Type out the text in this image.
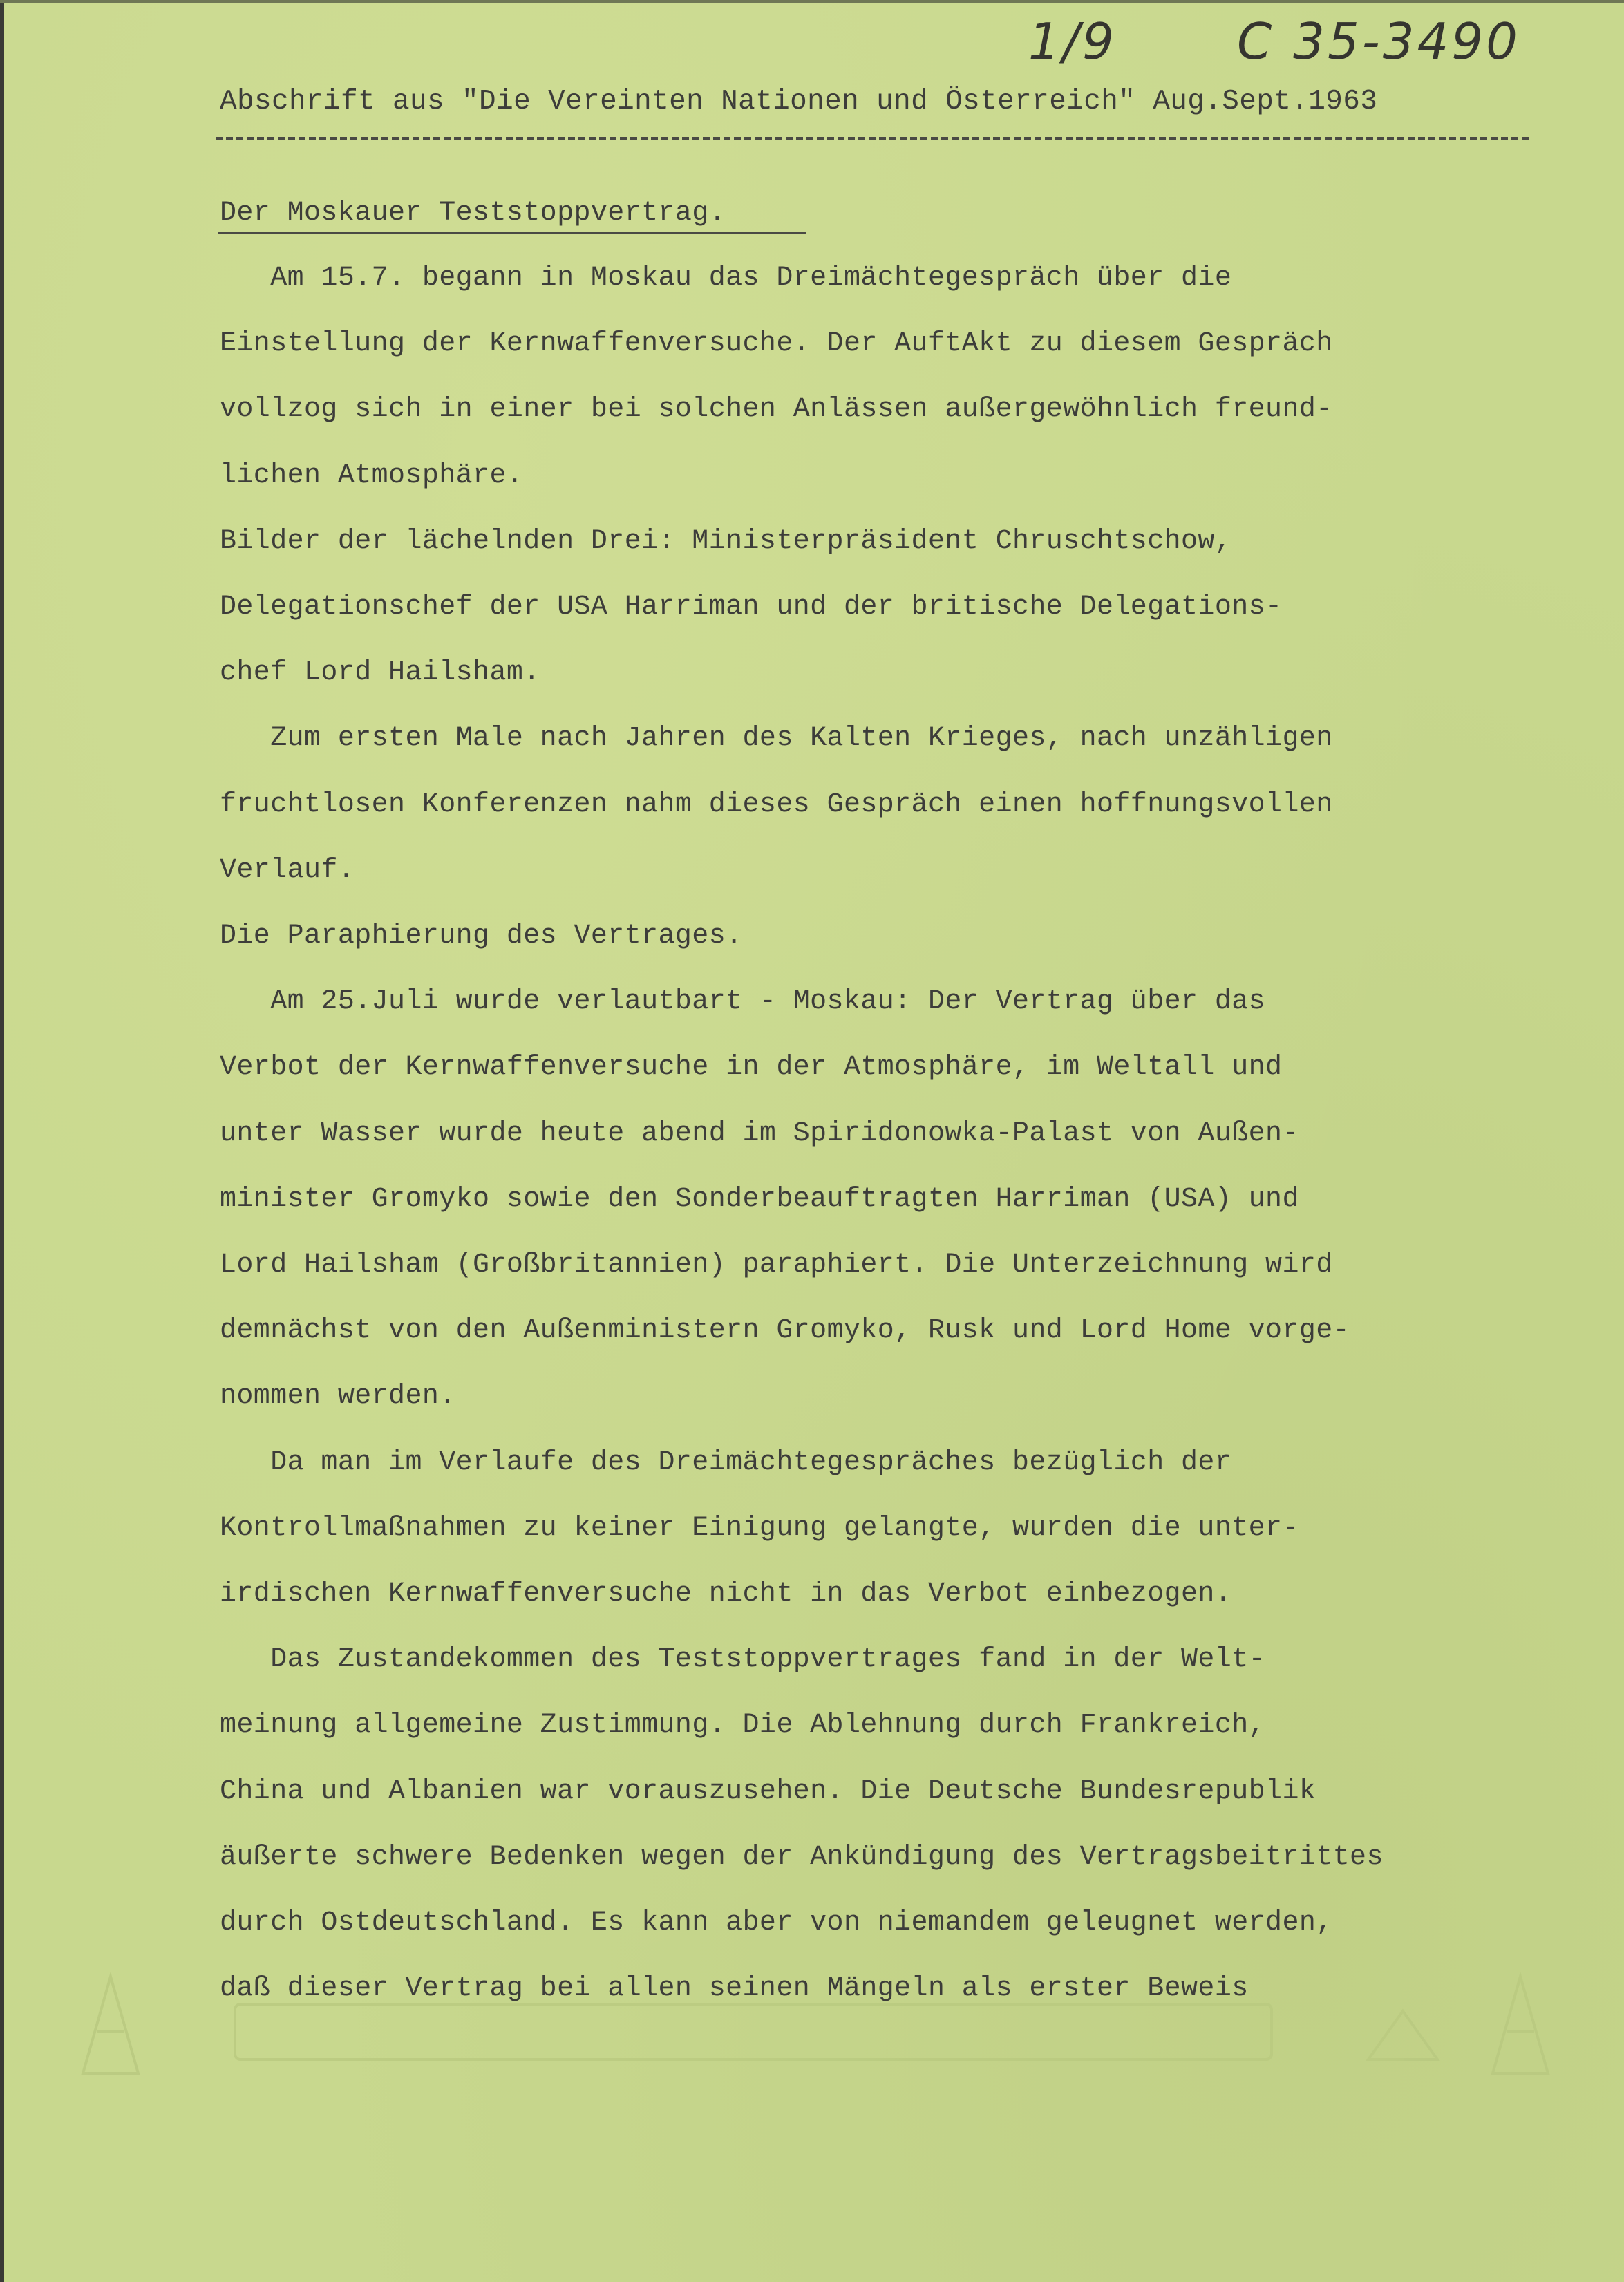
1/9 C 35-3490
Abschrift aus "Die Vereinten Nationen und Österreich" Aug.Sept.1963
Der Moskauer Teststoppvertrag.
Am 15.7. begann in Moskau das Dreimächtegespräch über die
Einstellung der Kernwaffenversuche. Der AuftAkt zu diesem Gespräch
vollzog sich in einer bei solchen Anlässen außergewöhnlich freund-
lichen Atmosphäre.
Bilder der lächelnden Drei: Ministerpräsident Chruschtschow,
Delegationschef der USA Harriman und der britische Delegations-
chef Lord Hailsham.
Zum ersten Male nach Jahren des Kalten Krieges, nach unzähligen
fruchtlosen Konferenzen nahm dieses Gespräch einen hoffnungsvollen
Verlauf.
Die Paraphierung des Vertrages.
Am 25.Juli wurde verlautbart - Moskau: Der Vertrag über das
Verbot der Kernwaffenversuche in der Atmosphäre, im Weltall und
unter Wasser wurde heute abend im Spiridonowka-Palast von Außen-
minister Gromyko sowie den Sonderbeauftragten Harriman (USA) und
Lord Hailsham (Großbritannien) paraphiert. Die Unterzeichnung wird
demnächst von den Außenministern Gromyko, Rusk und Lord Home vorge-
nommen werden.
Da man im Verlaufe des Dreimächtegespräches bezüglich der
Kontrollmaßnahmen zu keiner Einigung gelangte, wurden die unter-
irdischen Kernwaffenversuche nicht in das Verbot einbezogen.
Das Zustandekommen des Teststoppvertrages fand in der Welt-
meinung allgemeine Zustimmung. Die Ablehnung durch Frankreich,
China und Albanien war vorauszusehen. Die Deutsche Bundesrepublik
äußerte schwere Bedenken wegen der Ankündigung des Vertragsbeitrittes
durch Ostdeutschland. Es kann aber von niemandem geleugnet werden,
daß dieser Vertrag bei allen seinen Mängeln als erster Beweis
